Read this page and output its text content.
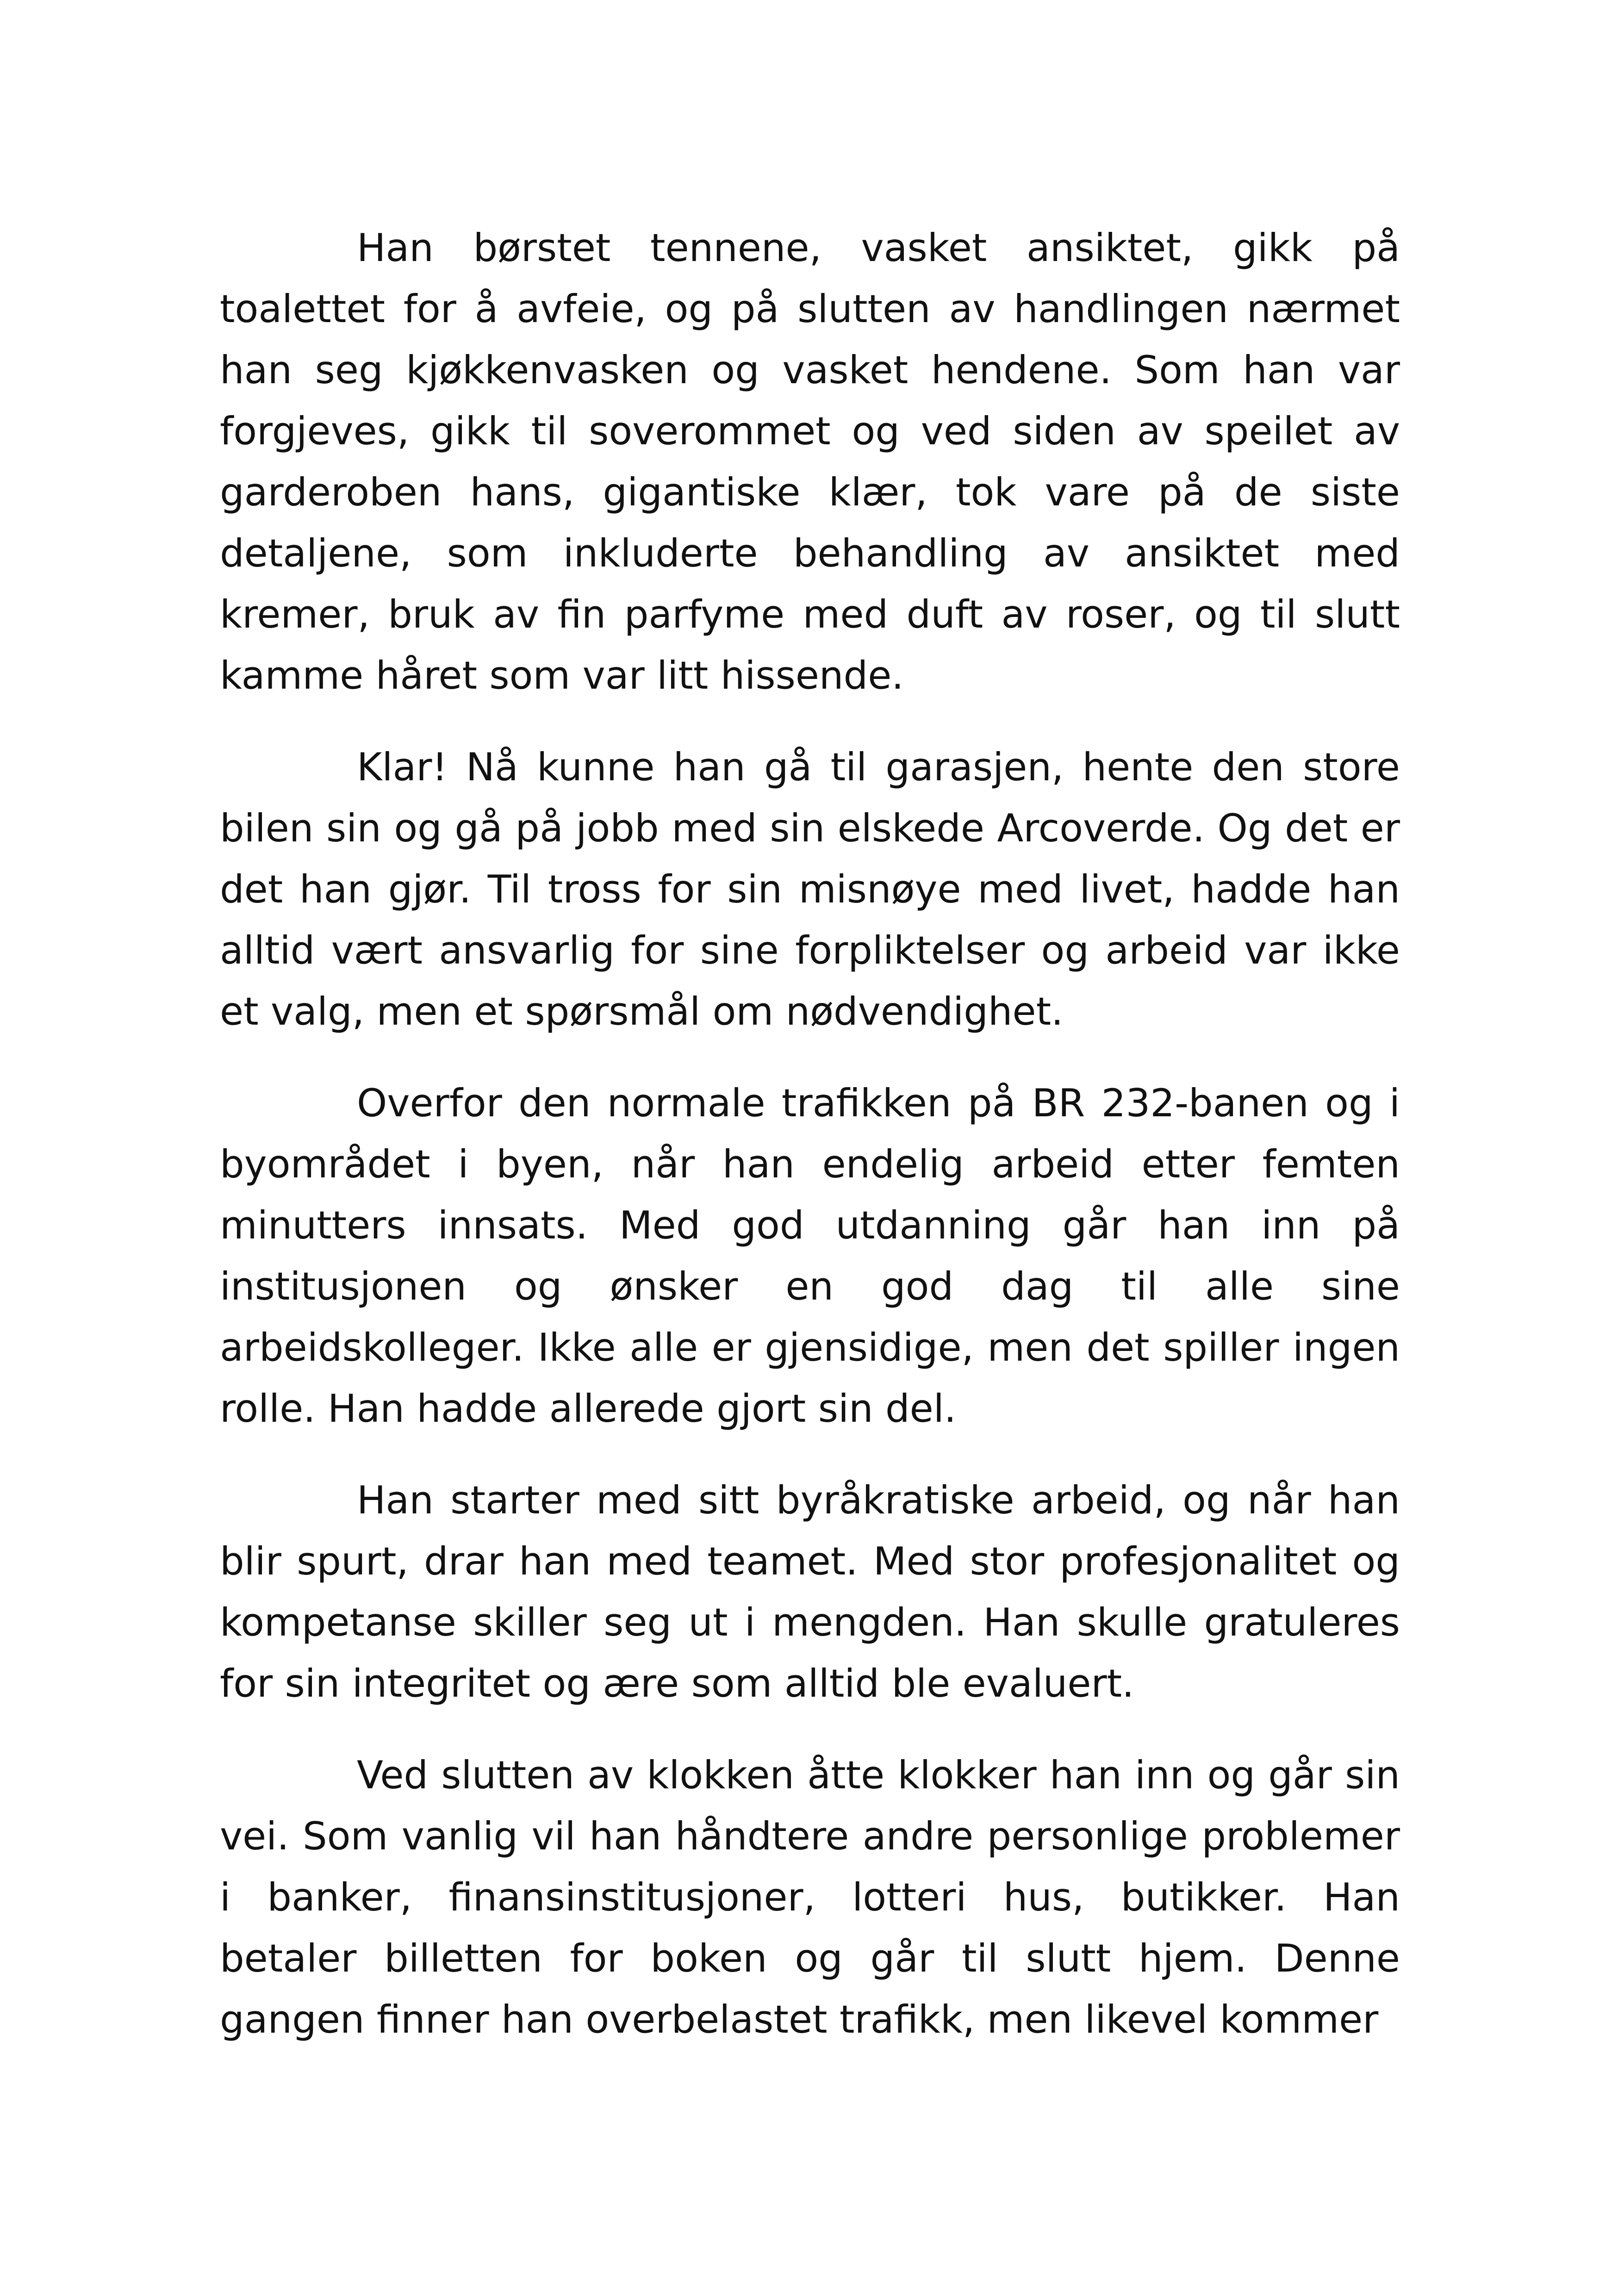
Han børstet tennene, vasket ansiktet, gikk på toalettet for å avfeie, og på slutten av handlingen nærmet han seg kjøkkenvasken og vasket hendene. Som han var forgjeves, gikk til soverommet og ved siden av speilet av garderoben hans, gigantiske klær, tok vare på de siste detaljene, som inkluderte behandling av ansiktet med kremer, bruk av fin parfyme med duft av roser, og til slutt kamme håret som var litt hissende.

Klar! Nå kunne han gå til garasjen, hente den store bilen sin og gå på jobb med sin elskede Arcoverde. Og det er det han gjør. Til tross for sin misnøye med livet, hadde han alltid vært ansvarlig for sine forpliktelser og arbeid var ikke et valg, men et spørsmål om nødvendighet.

Overfor den normale trafikken på BR 232-banen og i byområdet i byen, når han endelig arbeid etter femten minutters innsats. Med god utdanning går han inn på institusjonen og ønsker en god dag til alle sine arbeidskolleger. Ikke alle er gjensidige, men det spiller ingen rolle. Han hadde allerede gjort sin del.

Han starter med sitt byråkratiske arbeid, og når han blir spurt, drar han med teamet. Med stor profesjonalitet og kompetanse skiller seg ut i mengden. Han skulle gratuleres for sin integritet og ære som alltid ble evaluert.

Ved slutten av klokken åtte klokker han inn og går sin vei. Som vanlig vil han håndtere andre personlige problemer i banker, finansinstitusjoner, lotteri hus, butikker. Han betaler billetten for boken og går til slutt hjem. Denne gangen finner han overbelastet trafikk, men likevel kommer
